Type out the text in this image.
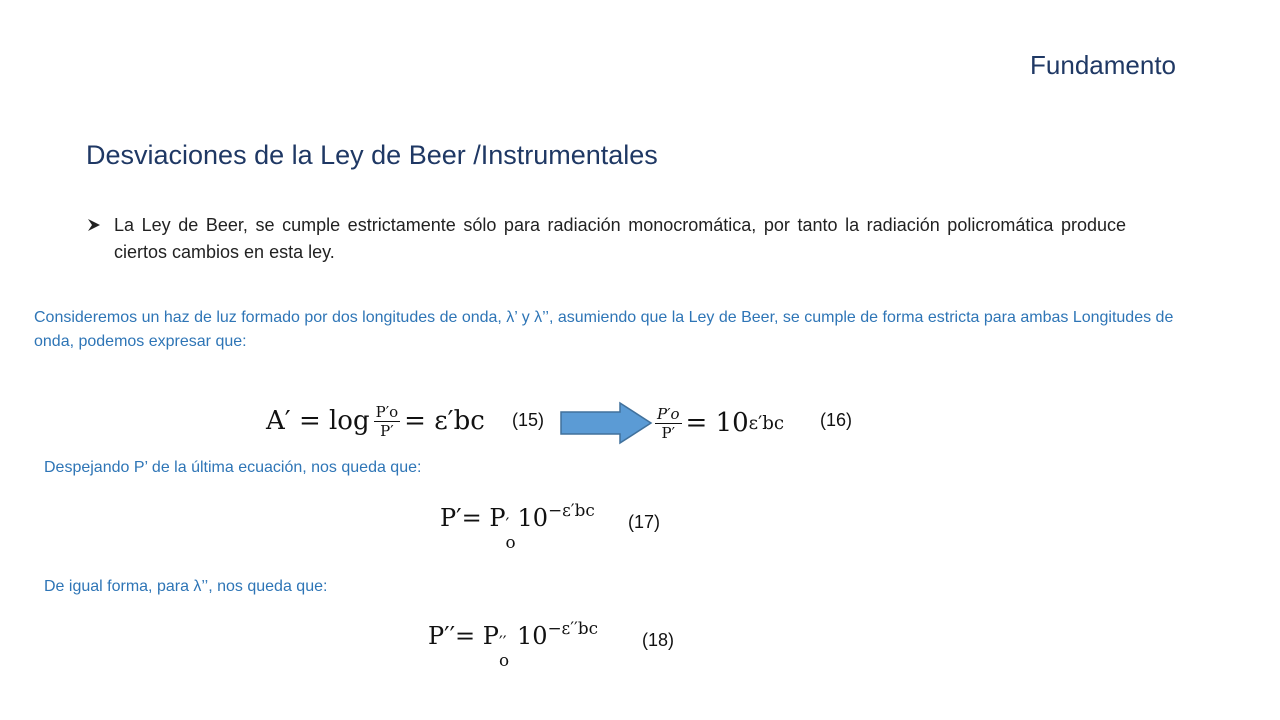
Fundamento
Desviaciones de la Ley de Beer /Instrumentales
La Ley de Beer, se cumple estrictamente sólo para radiación monocromática, por tanto la radiación policromática produce ciertos cambios en esta ley.
Consideremos un haz de luz formado por dos longitudes de onda, λ’ y λ’’, asumiendo que la Ley de Beer, se cumple de forma estricta para ambas Longitudes de onda, podemos expresar que:
$A' = \log \frac{P'o}{P'} = \varepsilon'bc$ (15)	$\frac{P'o}{P'} = 10$ ε′bc (16)
Despejando P’ de la última ecuación, nos queda que:
P′= P ′
o
$10^{-\varepsilon'bc}$
(17)
De igual forma, para λ’’, nos queda que:
P′′= P ′′
o
$10^{-\varepsilon''bc}$
(18)
